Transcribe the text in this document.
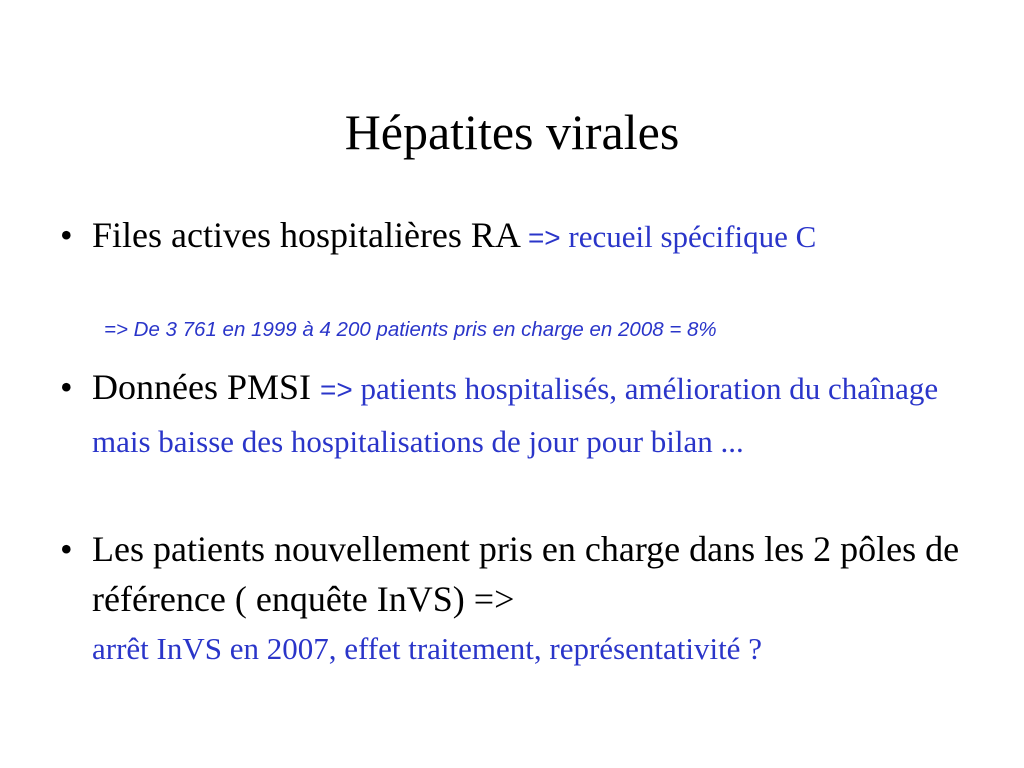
Hépatites virales
• Files actives hospitalières RA => recueil spécifique C
=> De 3 761 en 1999 à 4 200 patients pris en charge en 2008 = 8%
• Données PMSI => patients hospitalisés, amélioration du chaînage mais baisse des hospitalisations de jour pour bilan ...
• Les patients nouvellement pris en charge dans les 2 pôles de référence ( enquête InVS) =>
arrêt InVS en 2007, effet traitement, représentativité ?
